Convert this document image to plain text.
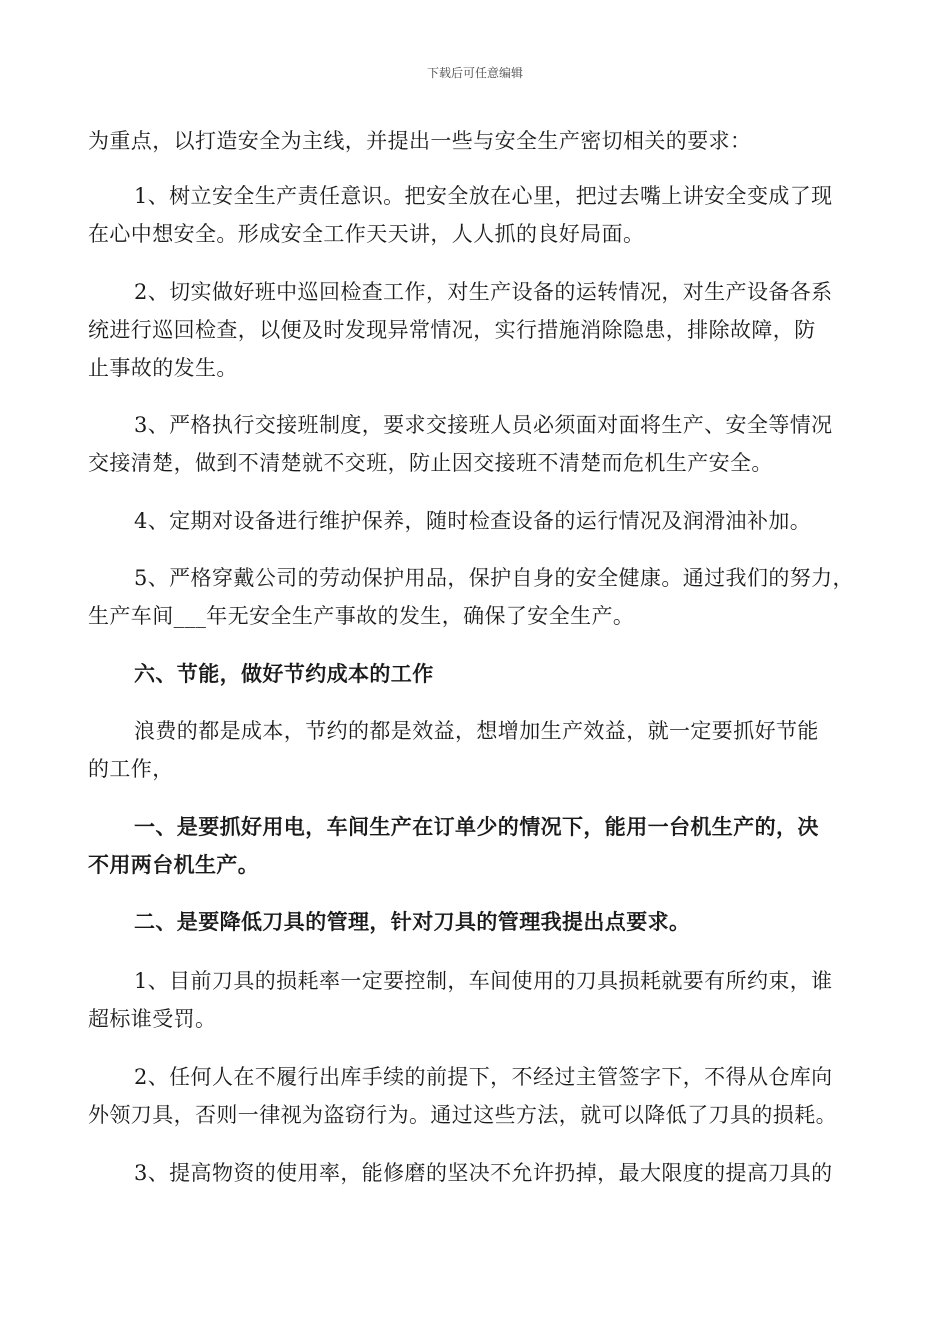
下载后可任意编辑
为重点，以打造安全为主线，并提出一些与安全生产密切相关的要求：
1、树立安全生产责任意识。把安全放在心里，把过去嘴上讲安全变成了现
在心中想安全。形成安全工作天天讲，人人抓的良好局面。
2、切实做好班中巡回检查工作，对生产设备的运转情况，对生产设备各系
统进行巡回检查，以便及时发现异常情况，实行措施消除隐患，排除故障，防
止事故的发生。
3、严格执行交接班制度，要求交接班人员必须面对面将生产、安全等情况
交接清楚，做到不清楚就不交班，防止因交接班不清楚而危机生产安全。
4、定期对设备进行维护保养，随时检查设备的运行情况及润滑油补加。
5、严格穿戴公司的劳动保护用品，保护自身的安全健康。通过我们的努力，
生产车间___年无安全生产事故的发生，确保了安全生产。
六、节能，做好节约成本的工作
浪费的都是成本，节约的都是效益，想增加生产效益，就一定要抓好节能
的工作，
一、是要抓好用电，车间生产在订单少的情况下，能用一台机生产的，决
不用两台机生产。
二、是要降低刀具的管理，针对刀具的管理我提出点要求。
1、目前刀具的损耗率一定要控制，车间使用的刀具损耗就要有所约束，谁
超标谁受罚。
2、任何人在不履行出库手续的前提下，不经过主管签字下，不得从仓库向
外领刀具，否则一律视为盗窃行为。通过这些方法，就可以降低了刀具的损耗。
3、提高物资的使用率，能修磨的坚决不允许扔掉，最大限度的提高刀具的
